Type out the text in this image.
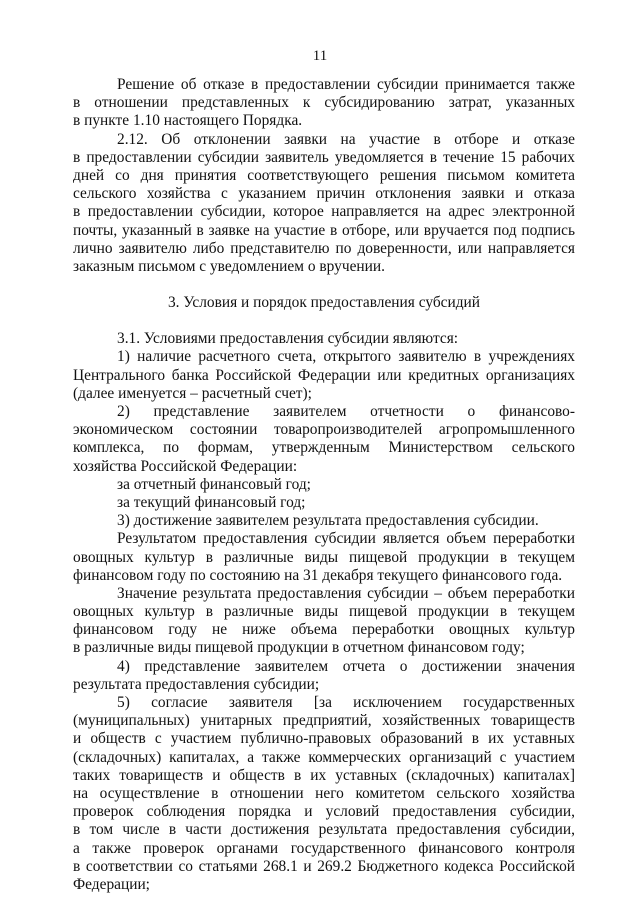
11
Решение об отказе в предоставлении субсидии принимается также
в отношении представленных к субсидированию затрат, указанных
в пункте 1.10 настоящего Порядка.
2.12. Об отклонении заявки на участие в отборе и отказе
в предоставлении субсидии заявитель уведомляется в течение 15 рабочих
дней со дня принятия соответствующего решения письмом комитета
сельского хозяйства с указанием причин отклонения заявки и отказа
в предоставлении субсидии, которое направляется на адрес электронной
почты, указанный в заявке на участие в отборе, или вручается под подпись
лично заявителю либо представителю по доверенности, или направляется
заказным письмом с уведомлением о вручении.
3. Условия и порядок предоставления субсидий
3.1. Условиями предоставления субсидии являются:
1) наличие расчетного счета, открытого заявителю в учреждениях
Центрального банка Российской Федерации или кредитных организациях
(далее именуется – расчетный счет);
2) представление заявителем отчетности о финансово-
экономическом состоянии товаропроизводителей агропромышленного
комплекса, по формам, утвержденным Министерством сельского
хозяйства Российской Федерации:
за отчетный финансовый год;
за текущий финансовый год;
3) достижение заявителем результата предоставления субсидии.
Результатом предоставления субсидии является объем переработки
овощных культур в различные виды пищевой продукции в текущем
финансовом году по состоянию на 31 декабря текущего финансового года.
Значение результата предоставления субсидии – объем переработки
овощных культур в различные виды пищевой продукции в текущем
финансовом году не ниже объема переработки овощных культур
в различные виды пищевой продукции в отчетном финансовом году;
4) представление заявителем отчета о достижении значения
результата предоставления субсидии;
5) согласие заявителя [за исключением государственных
(муниципальных) унитарных предприятий, хозяйственных товариществ
и обществ с участием публично-правовых образований в их уставных
(складочных) капиталах, а также коммерческих организаций с участием
таких товариществ и обществ в их уставных (складочных) капиталах]
на осуществление в отношении него комитетом сельского хозяйства
проверок соблюдения порядка и условий предоставления субсидии,
в том числе в части достижения результата предоставления субсидии,
а также проверок органами государственного финансового контроля
в соответствии со статьями 268.1 и 269.2 Бюджетного кодекса Российской
Федерации;
